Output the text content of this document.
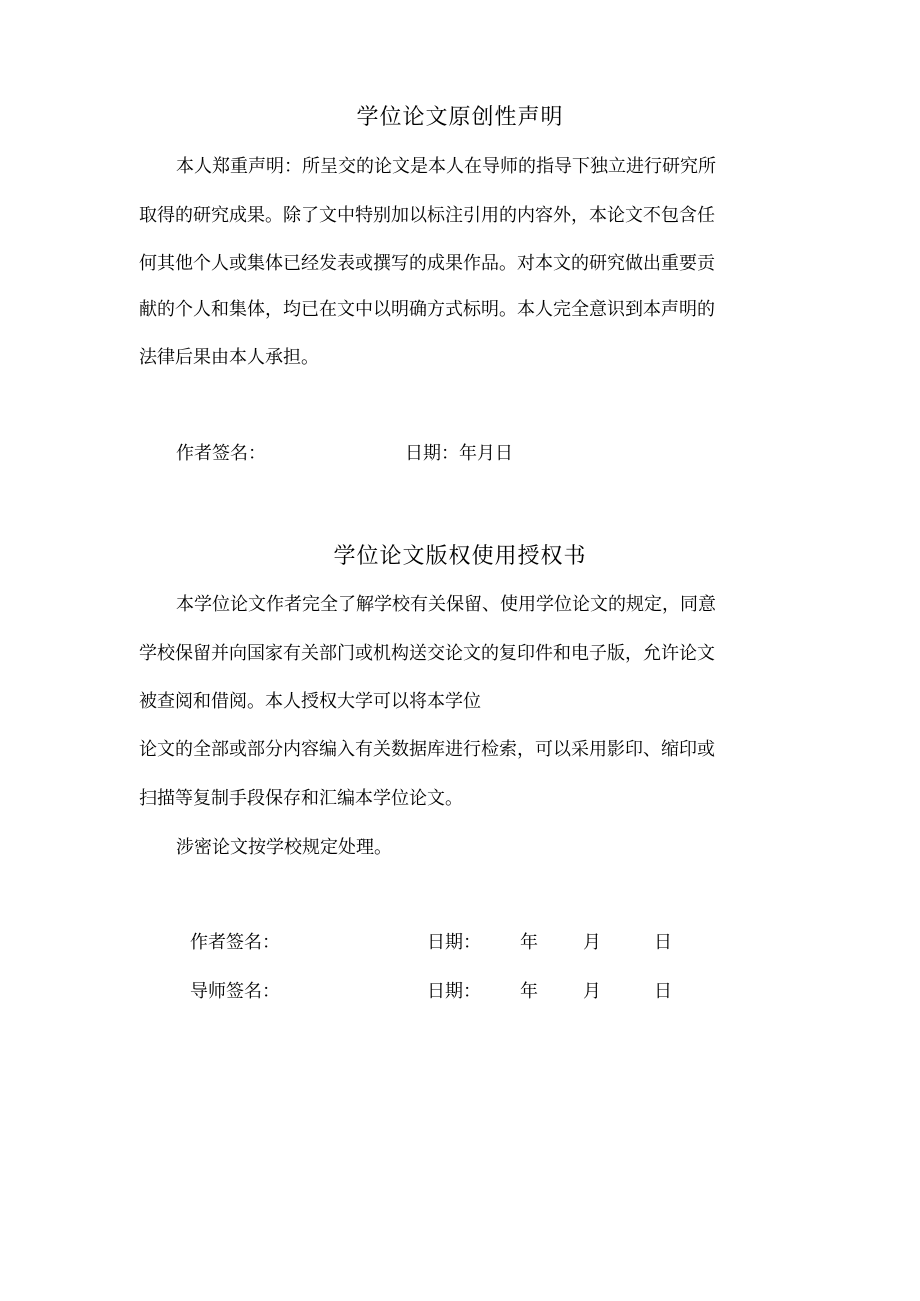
学位论文原创性声明
本人郑重声明：所呈交的论文是本人在导师的指导下独立进行研究所
取得的研究成果。除了文中特别加以标注引用的内容外，本论文不包含任
何其他个人或集体已经发表或撰写的成果作品。对本文的研究做出重要贡
献的个人和集体，均已在文中以明确方式标明。本人完全意识到本声明的
法律后果由本人承担。
作者签名：	日期：年月日
学位论文版权使用授权书
本学位论文作者完全了解学校有关保留、使用学位论文的规定，同意
学校保留并向国家有关部门或机构送交论文的复印件和电子版，允许论文
被查阅和借阅。本人授权大学可以将本学位
论文的全部或部分内容编入有关数据库进行检索，可以采用影印、缩印或
扫描等复制手段保存和汇编本学位论文。
涉密论文按学校规定处理。
作者签名：	日期： 年	月	日
导师签名：	日期： 年	月	日
